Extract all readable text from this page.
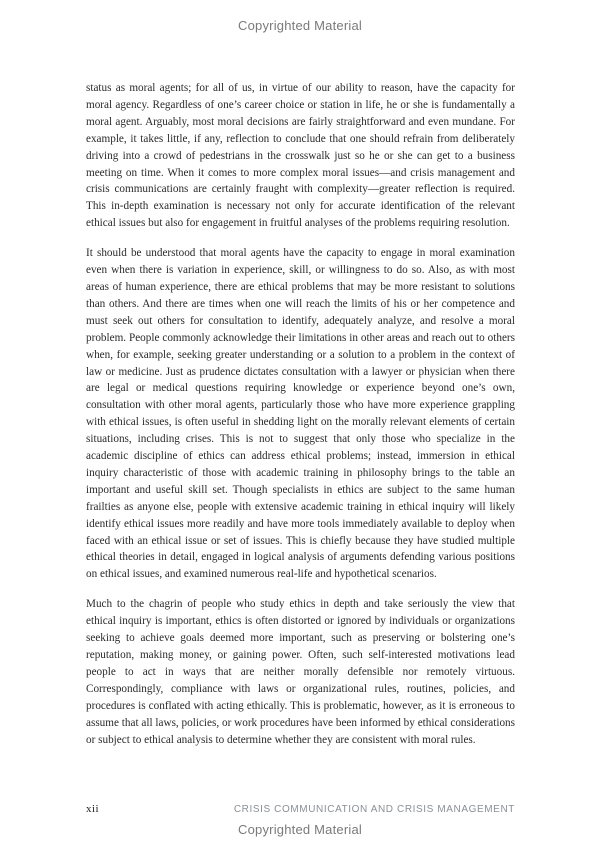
Copyrighted Material

status as moral agents; for all of us, in virtue of our ability to reason, have the capacity for moral agency. Regardless of one’s career choice or station in life, he or she is fundamentally a moral agent. Arguably, most moral decisions are fairly straightforward and even mundane. For example, it takes little, if any, reflection to conclude that one should refrain from deliberately driving into a crowd of pedestrians in the crosswalk just so he or she can get to a business meeting on time. When it comes to more complex moral issues—and crisis management and crisis communications are certainly fraught with complexity—greater reflection is required. This in-depth examination is necessary not only for accurate identification of the relevant ethical issues but also for engagement in fruitful analyses of the problems requiring resolution.

It should be understood that moral agents have the capacity to engage in moral examination even when there is variation in experience, skill, or willingness to do so. Also, as with most areas of human experience, there are ethical problems that may be more resistant to solutions than others. And there are times when one will reach the limits of his or her competence and must seek out others for consultation to identify, adequately analyze, and resolve a moral problem. People commonly acknowledge their limitations in other areas and reach out to others when, for example, seeking greater understanding or a solution to a problem in the context of law or medicine. Just as prudence dictates consultation with a lawyer or physician when there are legal or medical questions requiring knowledge or experience beyond one’s own, consultation with other moral agents, particularly those who have more experience grappling with ethical issues, is often useful in shedding light on the morally relevant elements of certain situations, including crises. This is not to suggest that only those who specialize in the academic discipline of ethics can address ethical problems; instead, immersion in ethical inquiry characteristic of those with academic training in philosophy brings to the table an important and useful skill set. Though specialists in ethics are subject to the same human frailties as anyone else, people with extensive academic training in ethical inquiry will likely identify ethical issues more readily and have more tools immediately available to deploy when faced with an ethical issue or set of issues. This is chiefly because they have studied multiple ethical theories in detail, engaged in logical analysis of arguments defending various positions on ethical issues, and examined numerous real-life and hypothetical scenarios.

Much to the chagrin of people who study ethics in depth and take seriously the view that ethical inquiry is important, ethics is often distorted or ignored by individuals or organizations seeking to achieve goals deemed more important, such as preserving or bolstering one’s reputation, making money, or gaining power. Often, such self-interested motivations lead people to act in ways that are neither morally defensible nor remotely virtuous. Correspondingly, compliance with laws or organizational rules, routines, policies, and procedures is conflated with acting ethically. This is problematic, however, as it is erroneous to assume that all laws, policies, or work procedures have been informed by ethical considerations or subject to ethical analysis to determine whether they are consistent with moral rules.

xii	CRISIS COMMUNICATION AND CRISIS MANAGEMENT
Copyrighted Material
